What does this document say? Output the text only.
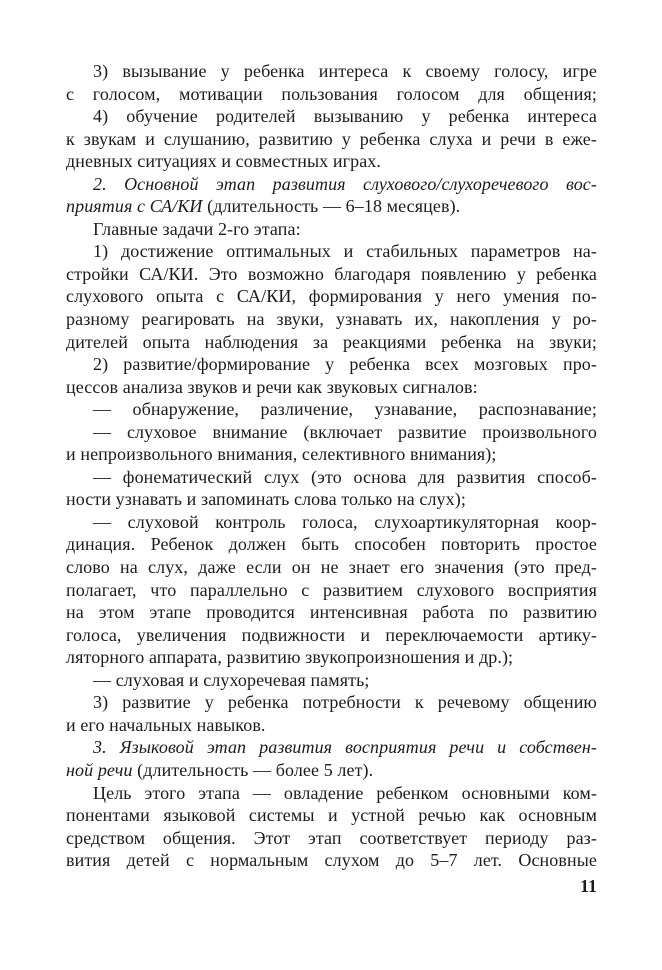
3) вызывание у ребенка интереса к своему голосу, игре
с голосом, мотивации пользования голосом для общения;
4) обучение родителей вызыванию у ребенка интереса
к звукам и слушанию, развитию у ребенка слуха и речи в еже-
дневных ситуациях и совместных играх.
2. Основной этап развития слухового/слухоречевого вос-
приятия с СА/КИ (длительность — 6–18 месяцев).
Главные задачи 2-го этапа:
1) достижение оптимальных и стабильных параметров на-
стройки СА/КИ. Это возможно благодаря появлению у ребенка
слухового опыта с СА/КИ, формирования у него умения по-
разному реагировать на звуки, узнавать их, накопления у ро-
дителей опыта наблюдения за реакциями ребенка на звуки;
2) развитие/формирование у ребенка всех мозговых про-
цессов анализа звуков и речи как звуковых сигналов:
— обнаружение, различение, узнавание, распознавание;
— слуховое внимание (включает развитие произвольного
и непроизвольного внимания, селективного внимания);
— фонематический слух (это основа для развития способ-
ности узнавать и запоминать слова только на слух);
— слуховой контроль голоса, слухоартикуляторная коор-
динация. Ребенок должен быть способен повторить простое
слово на слух, даже если он не знает его значения (это пред-
полагает, что параллельно с развитием слухового восприятия
на этом этапе проводится интенсивная работа по развитию
голоса, увеличения подвижности и переключаемости артику-
ляторного аппарата, развитию звукопроизношения и др.);
— слуховая и слухоречевая память;
3) развитие у ребенка потребности к речевому общению
и его начальных навыков.
3. Языковой этап развития восприятия речи и собствен-
ной речи (длительность — более 5 лет).
Цель этого этапа — овладение ребенком основными ком-
понентами языковой системы и устной речью как основным
средством общения. Этот этап соответствует периоду раз-
вития детей с нормальным слухом до 5–7 лет. Основные
11
